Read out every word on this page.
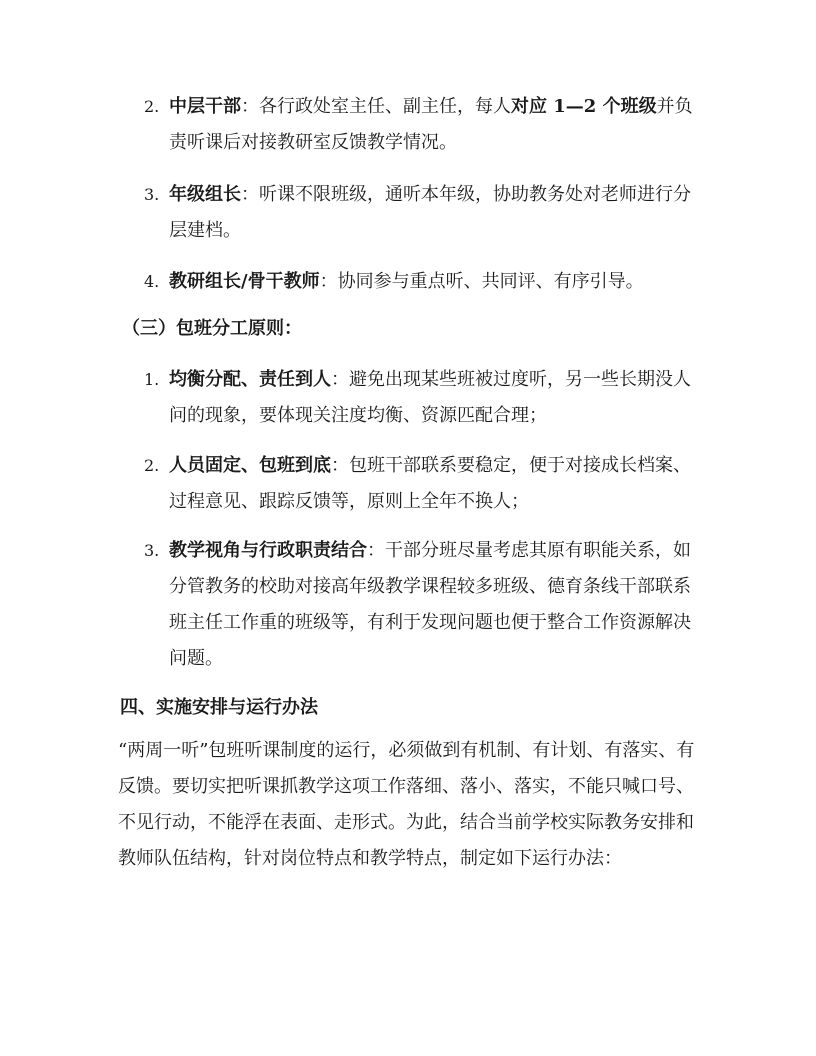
2. 中层干部：各行政处室主任、副主任，每人对应 1—2 个班级并负责听课后对接教研室反馈教学情况。
3. 年级组长：听课不限班级，通听本年级，协助教务处对老师进行分层建档。
4. 教研组长/骨干教师：协同参与重点听、共同评、有序引导。
（三）包班分工原则：
1. 均衡分配、责任到人：避免出现某些班被过度听，另一些长期没人问的现象，要体现关注度均衡、资源匹配合理；
2. 人员固定、包班到底：包班干部联系要稳定，便于对接成长档案、过程意见、跟踪反馈等，原则上全年不换人；
3. 教学视角与行政职责结合：干部分班尽量考虑其原有职能关系，如分管教务的校助对接高年级教学课程较多班级、德育条线干部联系班主任工作重的班级等，有利于发现问题也便于整合工作资源解决问题。
四、实施安排与运行办法
“两周一听”包班听课制度的运行，必须做到有机制、有计划、有落实、有反馈。要切实把听课抓教学这项工作落细、落小、落实，不能只喊口号、不见行动，不能浮在表面、走形式。为此，结合当前学校实际教务安排和教师队伍结构，针对岗位特点和教学特点，制定如下运行办法：
